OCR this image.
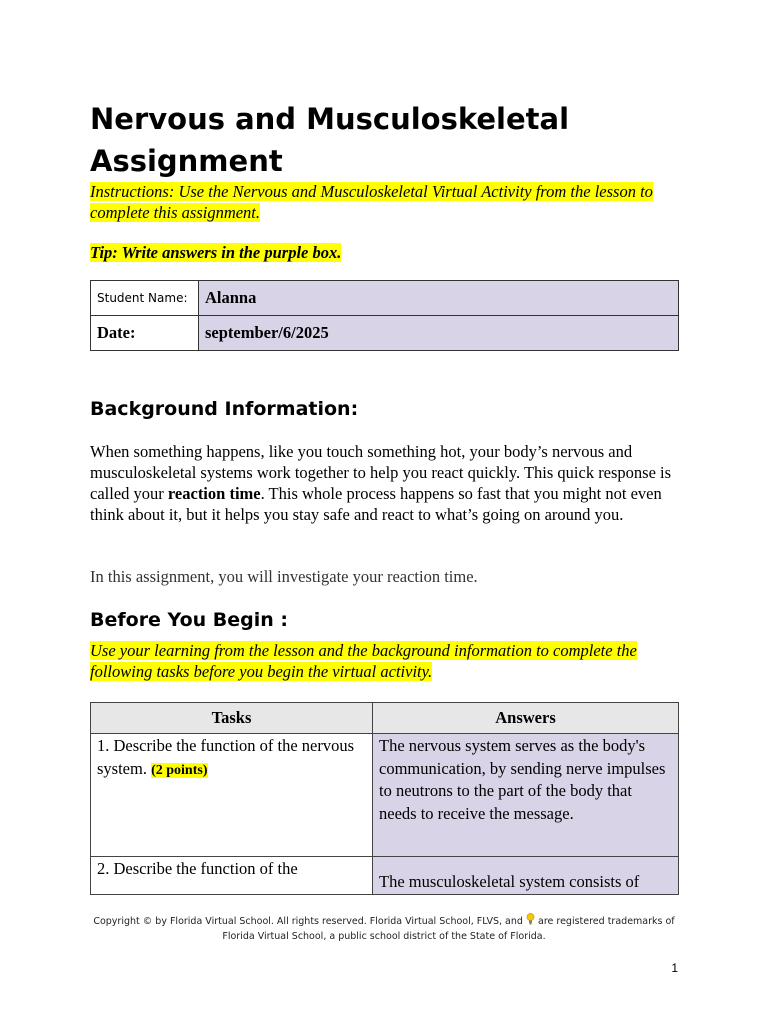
Nervous and Musculoskeletal Assignment
Instructions: Use the Nervous and Musculoskeletal Virtual Activity from the lesson to complete this assignment.
Tip: Write answers in the purple box.
Student Name:	Alanna
Date:	september/6/2025
Background Information:

When something happens, like you touch something hot, your body’s nervous and musculoskeletal systems work together to help you react quickly. This quick response is called your reaction time. This whole process happens so fast that you might not even think about it, but it helps you stay safe and react to what’s going on around you.

In this assignment, you will investigate your reaction time.

Before You Begin :
Use your learning from the lesson and the background information to complete the following tasks before you begin the virtual activity.
Tasks	Answers
1. Describe the function of the nervous system. (2 points)	The nervous system serves as the body's communication, by sending nerve impulses to neutrons to the part of the body that needs to receive the message.
2. Describe the function of the	The musculoskeletal system consists of
Copyright © by Florida Virtual School. All rights reserved. Florida Virtual School, FLVS, and are registered trademarks of
Florida Virtual School, a public school district of the State of Florida.
1
